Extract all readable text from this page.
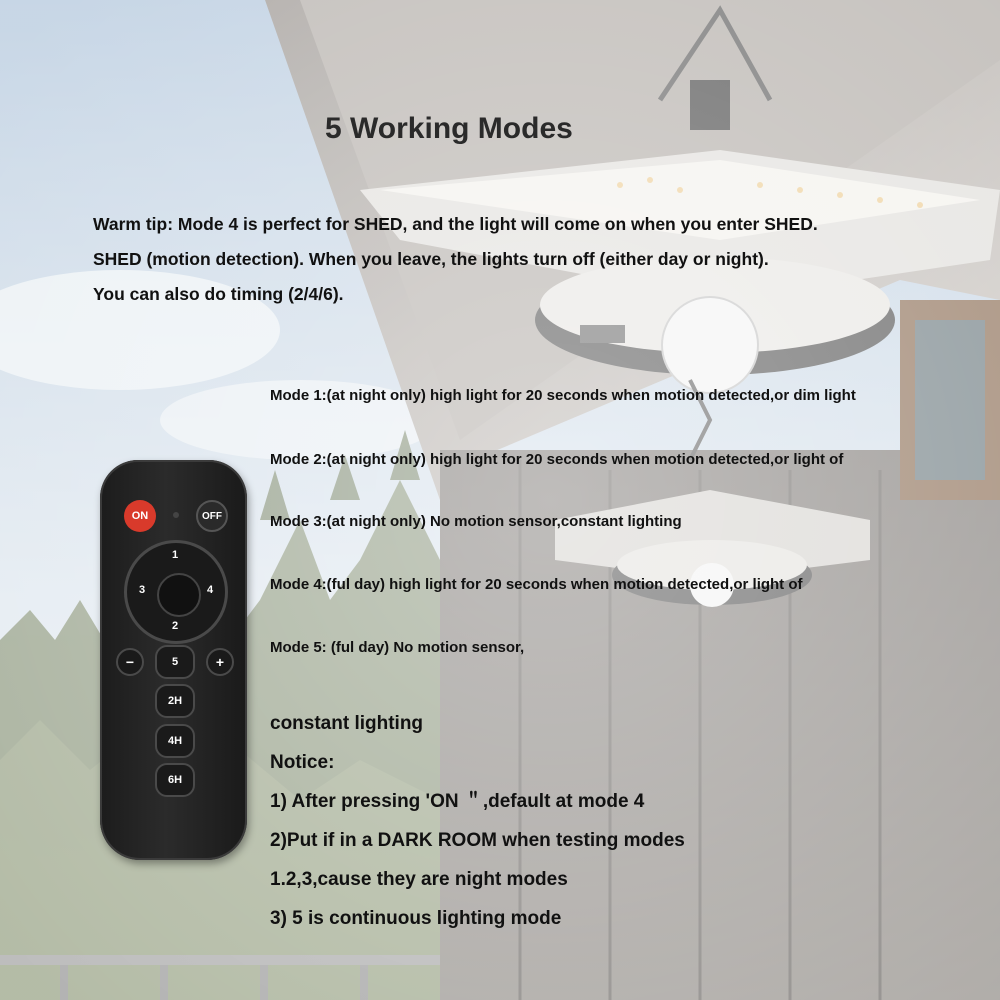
5 Working Modes
Warm tip: Mode 4 is perfect for SHED, and the light will come on when you enter SHED.
SHED (motion detection). When you leave, the lights turn off (either day or night).
You can also do timing (2/4/6).
Mode 1:(at night only) high light for 20 seconds when motion detected,or dim light
Mode 2:(at night only) high light for 20 seconds when motion detected,or light of
Mode 3:(at night only) No motion sensor,constant lighting
Mode 4:(ful day) high light for 20 seconds when motion detected,or light of
Mode 5: (ful day) No motion sensor,
constant lighting
Notice:
1) After pressing 'ON ＂,default at mode 4
2)Put if in a DARK ROOM when testing modes
1.2,3,cause they are night modes
3) 5 is continuous lighting mode
ON	OFF
1
3	4
2
−	5	+
2H
4H
6H
